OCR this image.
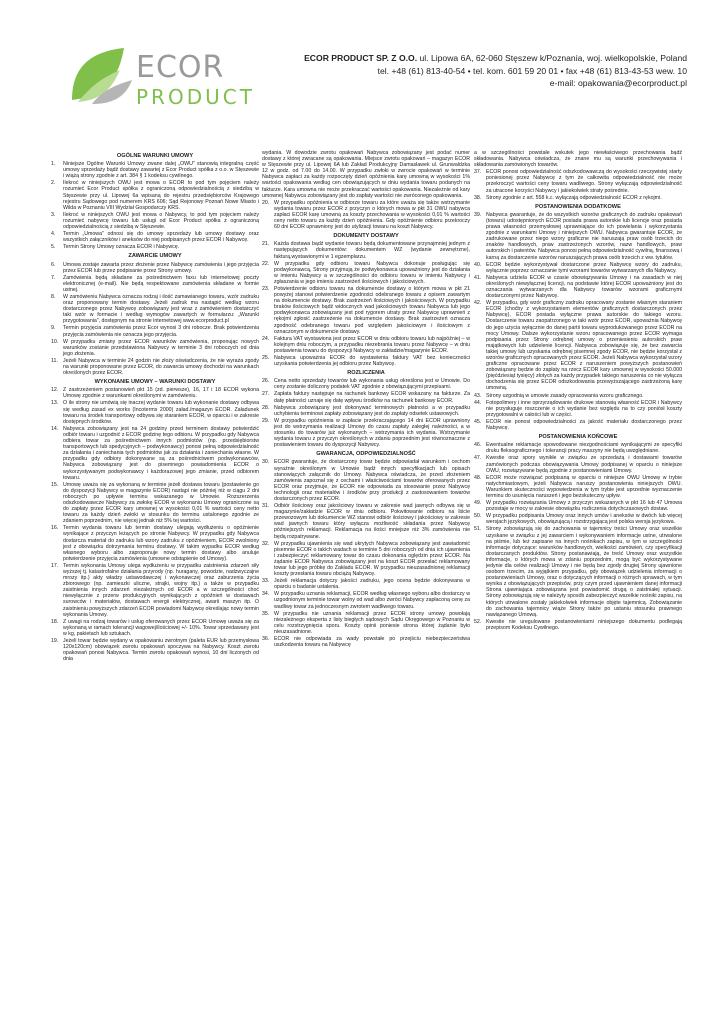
ECOR
PRODUCT
ECOR PRODUCT SP. Z O.O. ul. Lipowa 6A, 62-060 Stęszew k/Poznania, woj. wielkopolskie, Poland
tel. +48 (61) 813-40-54 • tel. kom. 601 59 20 01 • fax +48 (61) 813-43-53 wew. 10
e-mail: opakowania@ecorproduct.pl
OGÓLNE WARUNKI UMOWY
1.	Niniejsze Ogólne Warunki Umowy zwane dalej „OWU” stanowią integralną część umowy sprzedaży bądź dostawy zawartej z Ecor Product spółka z o.o. w Stęszewie i wiążą strony zgodnie z art. 384 § 1 kodeksu cywilnego.
2.	Ilekroć w niniejszych OWU jest mowa o ECOR to pod tym pojęciem należy rozumieć Ecor Product spółka z ograniczoną odpowiedzialnością z siedzibą w Stęszewie przy ul. Lipowej 6a wpisaną do rejestru przedsiębiorców Krajowego rejestru Sądowego pod numerem KRS 606; Sąd Rejonowy Poznań Nowe Miasto i Wilda w Poznaniu VIII Wydział Gospodarczy KRS.
3.	Ilekroć w niniejszych OWU jest mowa o Nabywcy, to pod tym pojęciem należy rozumieć nabywcę towaru lub usługi od Ecor Product spółka z ograniczoną odpowiedzialnością z siedzibą w Stęszewie.
4.	Termin „Umowa” odnosi się do umowy sprzedaży lub umowy dostawy oraz wszystkich załączników i aneksów do niej podpisanych przez ECOR i Nabywcę.
5.	Termin Strony Umowy oznacza ECOR i Nabywcę.
ZAWARCIE UMOWY
6.	Umowa zostaje zawarta przez złożenie przez Nabywcę zamówienia i jego przyjęcia przez ECOR lub przez podpisanie przez Strony umowy.
7.	Zamówienia będą składane za pośrednictwem faxu lub internetowej poczty elektronicznej (e-mail). Nie będą respektowane zamówienia składane w formie ustnej.
8.	W zamówieniu Nabywca oznacza rodzaj i ilość zamawianego towaru, wzór zadruku oraz proponowany termin dostawy. Jeżeli zadruk ma nastąpić według wzoru dostarczonego przez Nabywcę zobowiązany jest wraz z zamówieniem dostarczyć taki wzór w formacie i według wymogów zawartych w formularzu: „Warunki przygotowania”, dostępnym na stronie internetowej www.ecorproduct.pl
9.	Termin przyjęcia zamówienia przez Ecor wynosi 3 dni robocze. Brak potwierdzenia przyjęcia zamówienia nie oznacza jego przyjęcia.
10. W przypadku zmiany przez ECOR warunków zamówienia, proponując nowych warunków zostanie przedstawiona Nabywcy w terminie 3 dni roboczych od dnia jego złożenia.
11. Jeżeli Nabywca w terminie 24 godzin nie złoży oświadczenia, że nie wyraża zgody na warunki proponowane przez ECOR, do zawarcia umowy dochodzi na warunkach określonych przez ECOR.
WYKONANIE UMOWY – WARUNKI DOSTAWY
12. Z zastrzeżeniem postanowień pkt 15 (zd. pierwsze), 16, 17 i 18 ECOR wykona Umowę zgodnie z warunkami określonymi w zamówieniu.
13. O ile strony nie umówią się inaczej wydanie towaru lub wykonanie dostawy odbywa się według zasad ex works (Incoterms 2000) załad./magazyn ECOR. Załadunek towaru na środek transportowy odbywa się staraniem ECOR, w oparciu i w zakresie dostępnych środków.
14. Nabywca zobowiązany jest na 24 godziny przed terminem dostawy potwierdzić odbiór towaru i uzgodnić z ECOR godzinę tego odbioru. W przypadku gdy Nabywca odbiera towar za pośrednictwem innych podmiotów (np. przedsiębiorstw transportowych lub spedycyjnych – podwykonawcy) ponosi pełną odpowiedzialność za działania i zaniechania tych podmiotów jak za działania i zaniechania własne. W przypadku gdy odbiory dokonywane są za pośrednictwem podwykonawców, Nabywca zobowiązany jest do pisemnego powiadomienia ECOR o wykorzystywanym podwykonawcy i każdorazowej jego zmianie, przed odbiorem towaru.
15. Umowę uważa się za wykonaną w terminie jeżeli dostawa towaru (postawienie go do dyspozycji Nabywcy w magazynie ECOR) nastąpi nie później niż w ciągu 2 dni roboczych po upływie terminu wskazanego w Umowie. Rozszerzenia odszkodowawcze Nabywcy za zwłokę ECOR w wykonaniu Umowy ograniczone są do zapłaty przez ECOR kary umownej w wysokości 0,01 % wartości ceny netto towaru za każdy dzień zwłoki w stosunku do terminu ustalonego zgodnie ze zdaniem poprzednim, nie więcej jednak niż 5% tej wartości.
16. Termin wydania towaru lub termin dostawy ulegają wydłużeniu o opóźnienie wynikające z przyczyn leżących po stronie Nabywcy. W przypadku gdy Nabywca dostarcza materiał do zadruku lub wzory zadruku z opóźnieniem, ECOR zwolniony jest z obowiązku dotrzymania terminu dostawy. W takim wypadku ECOR według własnego wyboru albo zaproponuje nowy termin dostawy albo anuluje potwierdzenie przyjęcia zamówienia (umowne odstąpienie od Umowy).
17. Termin wykonania Umowy ulega wydłużeniu w przypadku zaistnienia zdarzeń siły wyższej tj. katastrofalne działania przyrody (np. huragany, powodzie, nadzwyczajne mrozy itp.) akty władzy ustawodawczej i wykonawczej oraz zaburzenia życia zbiorowego (np. zamieszki uliczne, strajki, wojny itp.) a także w przypadku zaistnienia innych zdarzeń niezależnych od ECOR a w szczególności choć niewyłącznie z przerw produkcyjnych wynikających z opóźnień w dostawach surowców i materiałów, dostawach energii elektrycznej, awarii maszyn itp. O zaistnieniu powyższych zdarzeń ECOR powiadomi Nabywcę określając nowy termin wykonania Umowy.
18. Z uwagi na rodzaj towarów i usług oferowanych przez ECOR Umowę uważa się za wykonaną w ramach tolerancji wagowej/ilościowej +/- 10%. Towar sprzedawany jest w kg, pakietach lub sztukach.
19. Jeżeli towar będzie wydany w opakowaniu zwrotnym (paleta EUR lub przemysłowa 120x120cm) obowiązek zwrotu opakowań spoczywa na Nabywcy. Koszt zwrotu opakowań ponosi Nabywca. Termin zwrotu opakowań wynosi, 10 dni liczonych od dnia
wydania. W dowodzie zwrotu opakowań Nabywca zobowiązany jest podać numer dostawy z której zwracane są opakowania. Miejsce zwrotu opakowań – magazyn ECOR w Stęszewie przy ul. Lipowej 6A lub Zakład Produkcyjny Damasławek ul. Grunwaldzka 12 w godz. od 7.00 do 14.00. W przypadku zwłoki w zwrocie opakowań w terminie Nabywca zapłaci za każdy rozpoczęty dzień opóźnienia karę umowną w wysokości 1% wartości opakowania według cen obowiązujących w dniu wydania towaru podanych na fakturze. Kara umowna nie może przekraczać wartości opakowania. Niezależnie od kary umownej Nabywca zobowiązany jest do zapłaty wartości nie zwróconego opakowania.
20. W przypadku opóźnienia w odbiorze towaru za które uważa się także wstrzymanie wydania towaru przez ECOR z przyczyn o których mowa w pkt 31 OWU nabywca zapłaci ECOR karę umowną za koszty przechowania w wysokości 0,01 % wartości ceny netto towaru za każdy dzień opóźnienia. Gdy opóźnienie odbioru przekroczy 60 dni ECOR uprawniony jest do utylizacji towaru na koszt Nabywcy.
DOKUMENTY DOSTAWY
21. Każda dostawa bądź wydanie towaru będą dokumentowane przynajmniej jednym z następujących dokumentów: dokumentem WZ (wydanie zewnętrzne), fakturą,wystawionymi w 1 egzemplarzu.
22. W przypadku gdy odbioru towaru Nabywca dokonuje posługując się podwykonawcą, Strony przyjmują że podwykonawca upoważniony jest do działania w imieniu Nabywcy a w szczególności do odbioru towaru w imieniu Nabywcy i zgłaszania w jego imieniu zastrzeżeń ilościowych i jakościowych.
23. Potwierdzenie odbioru towaru na dokumencie dostawy o którym mowa w pkt 21 powyżej stanowi potwierdzenie zgodności odebranego towaru z opisem zawartym na dokumencie dostawy. Brak zastrzeżeń ilościowych i jakościowych. W przypadku braków ilościowych bądź widocznych wad jakościowych towaru Nabywca lub jego podwykonawca zobowiązany jest pod rygorem utraty przez Nabywcę uprawnień z rękojmi zgłosić zastrzeżenie na dokumencie dostawy. Brak zastrzeżeń oznacza zgodność odebranego towaru pod względem jakościowym i ilościowym z oznaczonym w dokumencie dostawy.
24. Faktura VAT wystawiona jest przez ECOR w dniu odbioru towaru lub najpóźniej – w kolejnym dniu roboczym, a przypadku niezebrania towaru przez Nabywcę – w dniu postawienia towaru do dyspozycji Nabywcy w zakładzie/magazynie ECOR.
25. Nabywca upoważnia ECOR do wystawienia faktury VAT bez konieczności uzyskania potwierdzenia jej odbioru przez Nabywcę.
ROZLICZENIA
26. Cena netto sprzedaży towarów lub wykonania usług określona jest w Umowie. Do ceny zostanie doliczony podatek VAT zgodnie z obowiązującymi przepisami.
27. Zapłata faktury następuje na rachunek bankowy ECOR wskazany na fakturze. Za datę płatności uznaje się datę wpływu środków na rachunek bankowy ECOR.
28. Nabywca zobowiązany jest dokonywać terminowych płatności a w przypadku uchybienia terminowi zapłaty zobowiązany jest do zapłaty odsetek ustawowych.
29. W przypadku opóźnienia w zapłacie przekraczającego 14 dni ECOR uprawniony jest do wstrzymania realizacji Umowy do czasu zapłaty zaległej należności, a w stosunku do towarów już wykonanych – wstrzymania ich wydania. Wstrzymanie wydania towaru z przyczyn określonych w zdaniu poprzednim jest równoznaczne z postawieniem towaru do dyspozycji Nabywcy.
GWARANCJA, ODPOWIEDZIALNOŚĆ
30. ECOR gwarantuje, że dostarczony towar będzie odpowiadał warunkom i cechom wyraźnie określonym w Umowie bądź innych specyfikacjach lub opisach stanowiących załącznik do Umowy. Nabywca oświadcza, że przed złożeniem zamówienia zapoznał się z cechami i właściwościami towarów oferowanych przez ECOR oraz przyjmuje, że ECOR nie odpowiada za stosowanie przez Nabywcę technologii oraz materiałów i środków przy produkcji z zastosowaniem towarów dostarczonych przez ECOR.
31. Odbiór ilościowy oraz jakościowy towaru w zakresie wad jawnych odbywa się w magazynie/zakładzie ECOR w dniu odbioru. Pokwitowanie odbioru na liście przewozowym lub dokumencie WZ stanowi odbiór ilościowy i jakościowy w zakresie wad jawnych towaru który wyłącza możliwość składania przez Nabywcę późniejszych reklamacji. Reklamacja na ilości mniejsze niż 3% zamówienia nie będą rozpatrywane.
32. W przypadku ujawnienia się wad ukrytych Nabywca zobowiązany jest zawiadomić pisemnie ECOR o takich wadach w terminie 5 dni roboczych od dnia ich ujawnienia i zabezpieczyć reklamowany towar do czasu dokonania oględzin przez ECOR. Na żądanie ECOR Nabywca zobowiązany jest na koszt ECOR przesłać reklamowany towar lub jego próbkę do Zakładu ECOR. W przypadku nieuzasadnionej reklamacji koszty przesłania towaru obciążą Nabywcę.
33. Jeżeli reklamacja dotyczy jakości zadruku, jego ocena będzie dokonywana w oparciu o badanie ustalenia.
34. W przypadku uznania reklamacji, ECOR według własnego wyboru albo dostarczy w uzgodnionym terminie towar wolny od wad albo zwróci Nabywcy zapłaconą cenę za wadliwy towar za jednoczesnym zwrotem wadliwego towaru.
35. W przypadku nie uznania reklamacji przez ECOR strony umowy powołają niezależnego eksperta z listy biegłych sądowych Sądu Okręgowego w Poznaniu w celu rozstrzygnięcia sporu. Koszty opinii poniesie strona której żądanie było nieuzasadnione.
36. ECOR nie odpowiada za wady powstałe po przejściu niebezpieczeństwa uszkodzenia towaru na Nabywcę
a w szczególności powstałe wskutek jego niewłaściwego przechowania bądź składowania. Nabywca oświadcza, że znane mu są warunki przechowywania i składowania zamówionych towarów.
37. ECOR ponosi odpowiedzialność odszkodowawczą do wysokości rzeczywistej starty poniesionej przez Nabywcę z tym że całkowita odpowiedzialność nie może przekroczyć wartości ceny towaru wadliwego. Strony wyłączają odpowiedzialność za utracone korzyści Nabywcy i jakiekolwiek straty pośrednie.
38. Strony zgodnie z art. 558 k.c. wyłączają odpowiedzialność ECOR z rękojmi.
POSTANOWIENIA DODATKOWE
39. Nabywca gwarantuje, że do wszystkich wzorów graficznych do zadruku opakowań (towaru) udostępnionych ECOR posiada prawa autorskie lub licencje oraz posiada prawa własności przemysłowej uprawniające do ich powielania i wykorzystania zgodnie z warunkami Umowy i niniejszych OWU. Nabywca gwarantuje ECOR, że zadrukowane przez niego wzory graficzne nie naruszają praw osób trzecich do znaków handlowych, praw zastrzeżonych wzorów, nazw handlowych, praw autorskich i patentów. Nabywca ponosi pełną odpowiedzialność cywilną, finansową i karną za dostarczenie wzorów naruszających prawa osób trzecich z ww. tytułów.
40. ECOR będzie wykorzystywał dostarczone przez Nabywcę wzory do zadruku, wyłącznie poprzez oznaczanie tymi wzorami towarów wytwarzanych dla Nabywcy.
41. Nabywca udziela ECOR w czasie obowiązywania Umowy i na zasadach w niej określonych niewyłącznej licencji, na podstawie której ECOR upoważniony jest do oznaczania wytwarzanych dla Nabywcy towarów wzorami graficznymi dostarczonymi przez Nabywcę.
42. W przypadku, gdy wzór graficzny zadruku opracowany zostanie własnym staraniem ECOR (choćby z wykorzystaniem elementów graficznych dostarczonych przez Nabywcę), ECOR posiada wyłączne prawa autorskie do takiego wzoru. Dostarczenie towaru zaopatrzonego w taki wzór przez ECOR, upoważnia Nabywcę do jego użycia wyłącznie do danej partii towaru wyprodukowanego przez ECOR na mocy Umowy. Dalsze wykorzystanie wzoru opracowanego przez ECOR wymaga podpisania przez Strony odrębnej umowy o przeniesieniu autorskich praw majątkowych lub udzielenie licencji. Nabywca zobowiązuje się, że bez zawarcia takiej umowy lub uzyskania odrębnej pisemnej zgody ECOR, nie będzie korzystał z wzorów graficznych opracowanych przez ECOR. Jeżeli Nabywca wykorzystał wzory graficzne opracowane przez ECOR z naruszeniem powyższych postanowień zobowiązany będzie do zapłaty na rzecz ECOR kary umownej w wysokości 50.000 (pięćdziesiąt tysięcy) złotych za każdy przypadek takiego naruszenia co nie wyłącza dochodzenia się przez ECOR odszkodowania przewyższającego zastrzeżoną karę umowną.
43. Strony uzgodnią w umowie zasady opracowania wzoru graficznego.
44. Fotopolimery i inne oprzyrządowanie drukowe stanowią własność ECOR i Nabywcy nie przysługuje roszczenie o ich wydanie bez względu na to czy poniósł koszty przygotowalni w całości lub w części.
45. ECOR nie ponosi odpowiedzialności za jakość materiału dostarczonego przez Nabywcę.
POSTANOWIENIA KOŃCOWE
46. Ewentualne reklamacje spowodowane niezgodnościami wynikającymi ze specyfiki druku fleksograficznego i tolerancji pracy maszyny nie będą uwzględniane.
47. Kwestie oraz spory wynikłe w związku ze sprzedażą i dostawami towarów zamówionych podczas obowiązywania Umowy podpisanej w oparciu o niniejsze OWU, rozwiązywane będą zgodnie z postanowieniami Umowy.
48. ECOR może rozwiązać podpisaną w oparciu o niniejsze OWU Umowę w trybie natychmiastowym, jeżeli Nabywca naruszy postanowienia niniejszych OWU. Warunkiem skuteczności wypowiedzenia w tym trybie jest uprzednie wyznaczenie terminu do usunięcia naruszeń i jego bezskuteczny upływ.
49. W przypadku rozwiązania Umowy z przyczyn wskazanych w pkt 16 lub 47 Umowa pozostaje w mocy w zakresie obowiązku rozliczenia dotychczasowych dostaw.
50. W przypadku podpisania Umowy oraz innych umów i aneksów w dwóch lub więcej wersjach językowych, obowiązującą i rozstrzygającą jest polska wersja językowa.
51. Strony zobowiązują się do zachowania w tajemnicy treści Umowy oraz wszelkie uzyskane w związku z jej zawarciem i wykonywaniem informacje ustne, utrwalone na piśmie, lub też zapisane na innych nośnikach zapisu, w tym w szczególności informacje dotyczące: warunków handlowych, wielkości zamówień, czy specyfikacji dostarczanych produktów. Strony postanawiają, że treść Umowy oraz wszystkie informacje, o których mowa w zdaniu poprzednim, mogą być wykorzystywane jedynie dla celów realizacji Umowy i nie będą bez zgody drugiej Strony ujawnione osobom trzecim, za wyjątkiem przypadku, gdy obowiązek udzielenia informacji o postanowieniach Umowy, oraz o dotyczących informacji o różnych sprawach, w tym wynika z obowiązujących przepisów, przy czym przed ujawnieniem danej informacji Strona ujawniająca zobowiązana jest powiadomić drugą o zaistniałej sytuacji. Strony zobowiązują się w należyty sposób zabezpieczyć wszelkie nośniki zapisu, na których utrwalone zostały jakiekolwiek informacje objęte tajemnicą. Zobowiązanie do zachowania tajemnicy wiąże Strony także po ustaniu stosunku prawnego nawiązanego Umową.
52. Kwestie nie uregulowane postanowieniami niniejszego dokumentu podlegają przepisom Kodeksu Cywilnego.
